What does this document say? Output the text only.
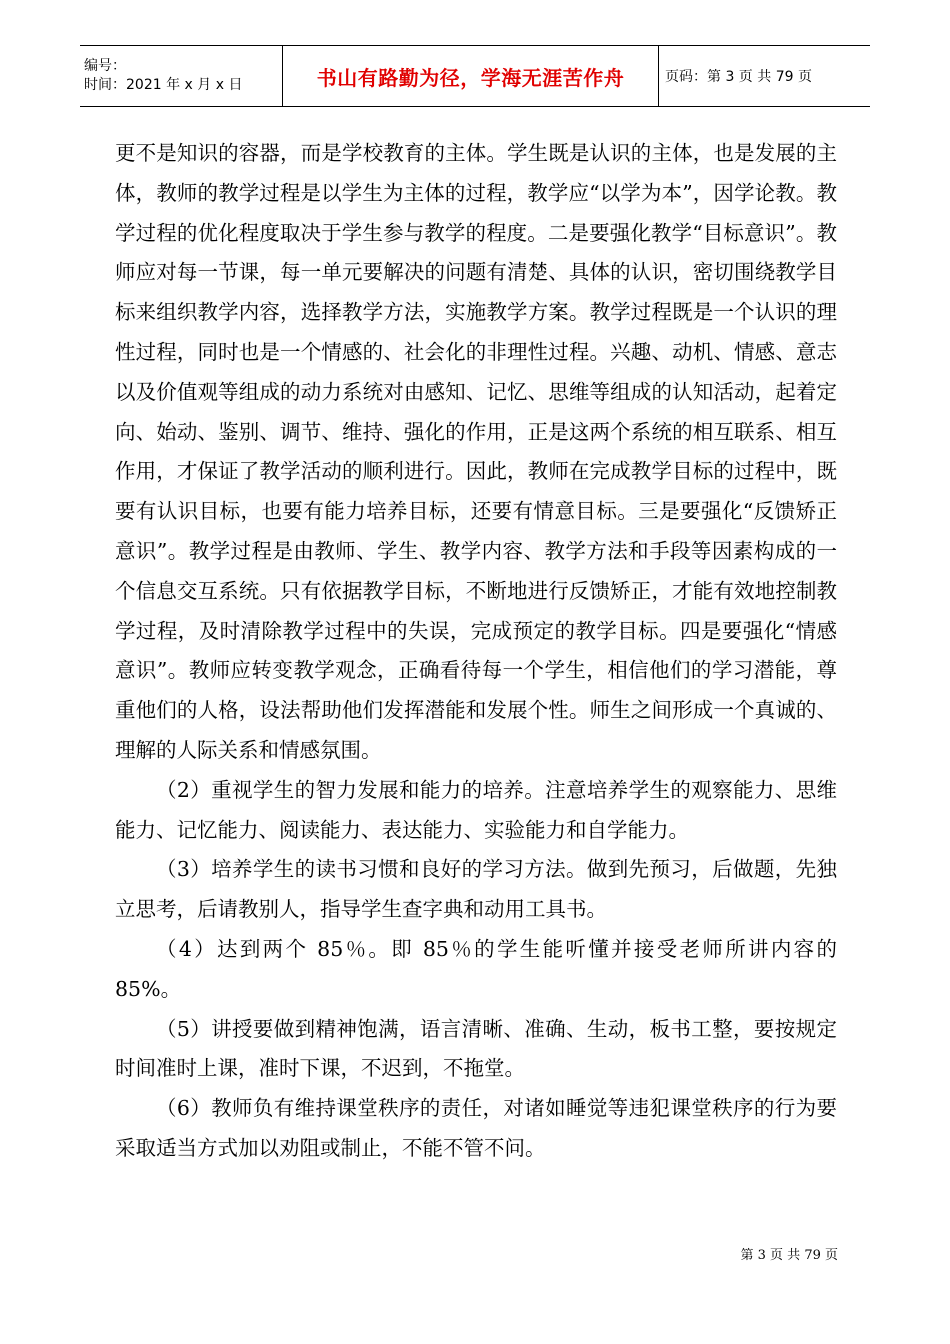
编号：
时间：2021 年 x 月 x 日	书山有路勤为径，学海无涯苦作舟	页码：第 3 页 共 79 页

更不是知识的容器，而是学校教育的主体。学生既是认识的主体，也是发展的主体，教师的教学过程是以学生为主体的过程，教学应“以学为本”，因学论教。教学过程的优化程度取决于学生参与教学的程度。二是要强化教学“目标意识”。教师应对每一节课，每一单元要解决的问题有清楚、具体的认识，密切围绕教学目标来组织教学内容，选择教学方法，实施教学方案。教学过程既是一个认识的理性过程，同时也是一个情感的、社会化的非理性过程。兴趣、动机、情感、意志以及价值观等组成的动力系统对由感知、记忆、思维等组成的认知活动，起着定向、始动、鉴别、调节、维持、强化的作用，正是这两个系统的相互联系、相互作用，才保证了教学活动的顺利进行。因此，教师在完成教学目标的过程中，既要有认识目标，也要有能力培养目标，还要有情意目标。三是要强化“反馈矫正意识”。教学过程是由教师、学生、教学内容、教学方法和手段等因素构成的一个信息交互系统。只有依据教学目标，不断地进行反馈矫正，才能有效地控制教学过程，及时清除教学过程中的失误，完成预定的教学目标。四是要强化“情感意识”。教师应转变教学观念，正确看待每一个学生，相信他们的学习潜能，尊重他们的人格，设法帮助他们发挥潜能和发展个性。师生之间形成一个真诚的、理解的人际关系和情感氛围。

（2）重视学生的智力发展和能力的培养。注意培养学生的观察能力、思维能力、记忆能力、阅读能力、表达能力、实验能力和自学能力。

（3）培养学生的读书习惯和良好的学习方法。做到先预习，后做题，先独立思考，后请教别人，指导学生查字典和动用工具书。

（4）达到两个 85％。即 85％的学生能听懂并接受老师所讲内容的 85%。

（5）讲授要做到精神饱满，语言清晰、准确、生动，板书工整，要按规定时间准时上课，准时下课，不迟到，不拖堂。

（6）教师负有维持课堂秩序的责任，对诸如睡觉等违犯课堂秩序的行为要采取适当方式加以劝阻或制止，不能不管不问。

第 3 页 共 79 页
